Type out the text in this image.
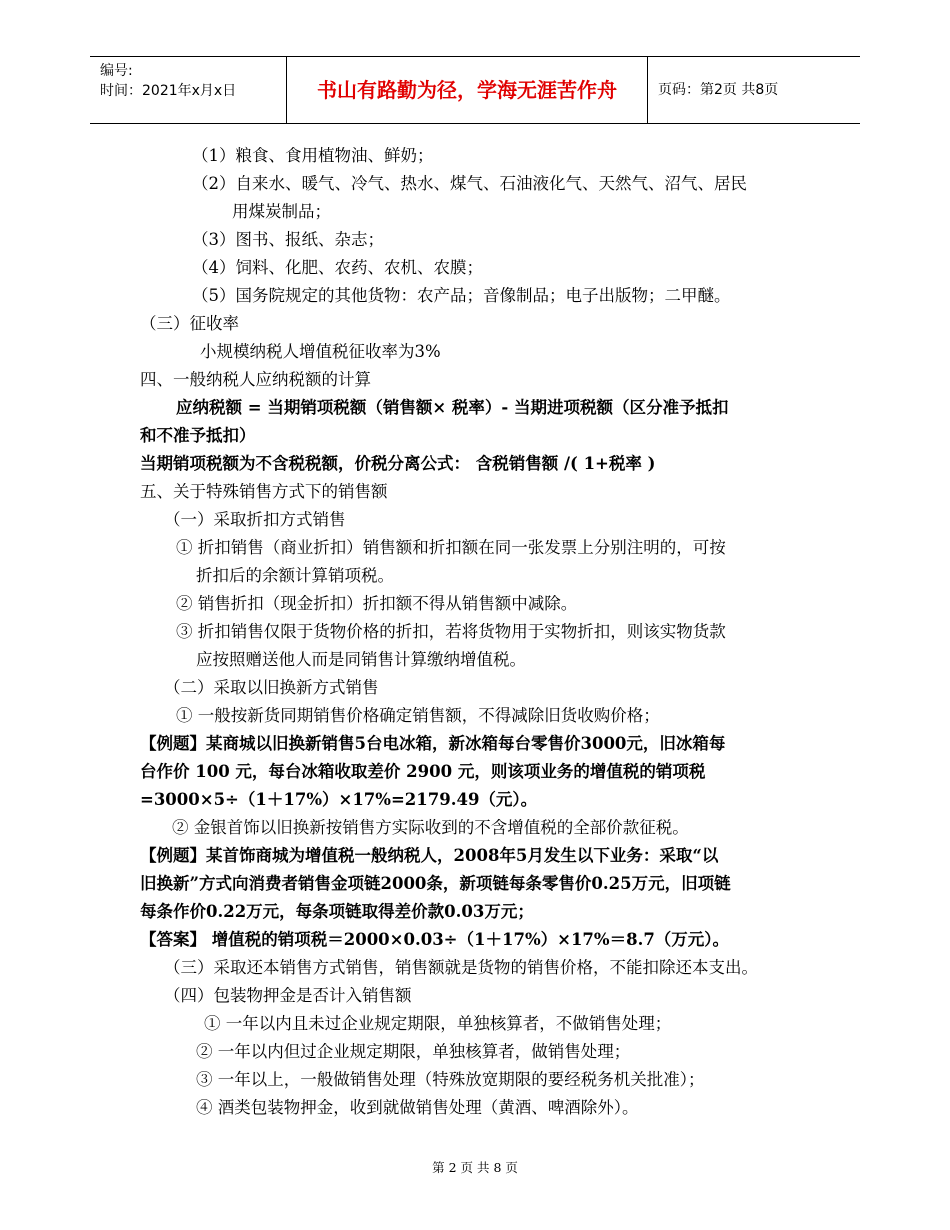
编号:
时间：2021年x月x日	书山有路勤为径，学海无涯苦作舟	页码：第2页 共8页
（1）粮食、食用植物油、鲜奶；
（2）自来水、暖气、冷气、热水、煤气、石油液化气、天然气、沼气、居民
用煤炭制品；
（3）图书、报纸、杂志；
（4）饲料、化肥、农药、农机、农膜；
（5）国务院规定的其他货物：农产品；音像制品；电子出版物；二甲醚。
（三）征收率
小规模纳税人增值税征收率为3%
四、一般纳税人应纳税额的计算
应纳税额 = 当期销项税额（销售额× 税率）- 当期进项税额（区分准予抵扣
和不准予抵扣）
当期销项税额为不含税税额，价税分离公式： 含税销售额 /( 1+税率 )
五、关于特殊销售方式下的销售额
（一）采取折扣方式销售
① 折扣销售（商业折扣）销售额和折扣额在同一张发票上分别注明的，可按
折扣后的余额计算销项税。
② 销售折扣（现金折扣）折扣额不得从销售额中减除。
③ 折扣销售仅限于货物价格的折扣，若将货物用于实物折扣，则该实物货款
应按照赠送他人而是同销售计算缴纳增值税。
（二）采取以旧换新方式销售
① 一般按新货同期销售价格确定销售额，不得减除旧货收购价格；
【例题】某商城以旧换新销售5台电冰箱，新冰箱每台零售价3000元，旧冰箱每
台作价 100 元，每台冰箱收取差价 2900 元，则该项业务的增值税的销项税
=3000×5÷（1＋17%）×17%=2179.49（元）。
② 金银首饰以旧换新按销售方实际收到的不含增值税的全部价款征税。
【例题】某首饰商城为增值税一般纳税人，2008年5月发生以下业务：采取“以
旧换新”方式向消费者销售金项链2000条，新项链每条零售价0.25万元，旧项链
每条作价0.22万元，每条项链取得差价款0.03万元；
【答案】 增值税的销项税＝2000×0.03÷（1＋17%）×17%＝8.7（万元）。
（三）采取还本销售方式销售，销售额就是货物的销售价格，不能扣除还本支出。
（四）包装物押金是否计入销售额
① 一年以内且未过企业规定期限，单独核算者，不做销售处理；
② 一年以内但过企业规定期限，单独核算者，做销售处理；
③ 一年以上，一般做销售处理（特殊放宽期限的要经税务机关批准）；
④ 酒类包装物押金，收到就做销售处理（黄酒、啤酒除外）。
第 2 页 共 8 页
